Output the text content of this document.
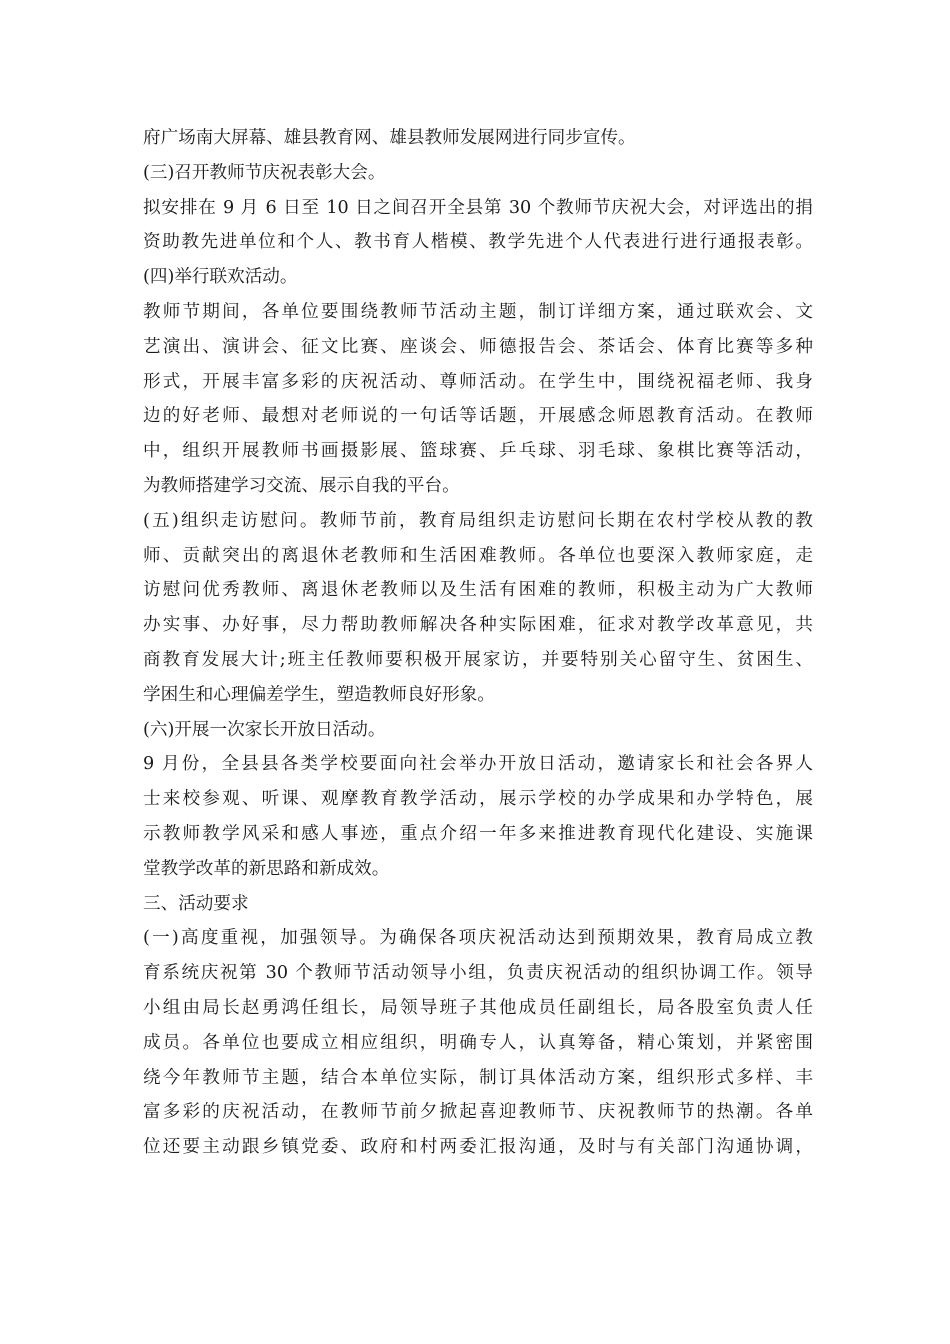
府广场南大屏幕、雄县教育网、雄县教师发展网进行同步宣传。
(三)召开教师节庆祝表彰大会。
拟安排在 9 月 6 日至 10 日之间召开全县第 30 个教师节庆祝大会，对评选出的捐
资助教先进单位和个人、教书育人楷模、教学先进个人代表进行进行通报表彰。
(四)举行联欢活动。
教师节期间，各单位要围绕教师节活动主题，制订详细方案，通过联欢会、文
艺演出、演讲会、征文比赛、座谈会、师德报告会、茶话会、体育比赛等多种
形式，开展丰富多彩的庆祝活动、尊师活动。在学生中，围绕祝福老师、我身
边的好老师、最想对老师说的一句话等话题，开展感念师恩教育活动。在教师
中，组织开展教师书画摄影展、篮球赛、乒乓球、羽毛球、象棋比赛等活动，
为教师搭建学习交流、展示自我的平台。
(五)组织走访慰问。教师节前，教育局组织走访慰问长期在农村学校从教的教
师、贡献突出的离退休老教师和生活困难教师。各单位也要深入教师家庭，走
访慰问优秀教师、离退休老教师以及生活有困难的教师，积极主动为广大教师
办实事、办好事，尽力帮助教师解决各种实际困难，征求对教学改革意见，共
商教育发展大计;班主任教师要积极开展家访，并要特别关心留守生、贫困生、
学困生和心理偏差学生，塑造教师良好形象。
(六)开展一次家长开放日活动。
9 月份，全县县各类学校要面向社会举办开放日活动，邀请家长和社会各界人
士来校参观、听课、观摩教育教学活动，展示学校的办学成果和办学特色，展
示教师教学风采和感人事迹，重点介绍一年多来推进教育现代化建设、实施课
堂教学改革的新思路和新成效。
三、活动要求
(一)高度重视，加强领导。为确保各项庆祝活动达到预期效果，教育局成立教
育系统庆祝第 30 个教师节活动领导小组，负责庆祝活动的组织协调工作。领导
小组由局长赵勇鸿任组长，局领导班子其他成员任副组长，局各股室负责人任
成员。各单位也要成立相应组织，明确专人，认真筹备，精心策划，并紧密围
绕今年教师节主题，结合本单位实际，制订具体活动方案，组织形式多样、丰
富多彩的庆祝活动，在教师节前夕掀起喜迎教师节、庆祝教师节的热潮。各单
位还要主动跟乡镇党委、政府和村两委汇报沟通，及时与有关部门沟通协调，
